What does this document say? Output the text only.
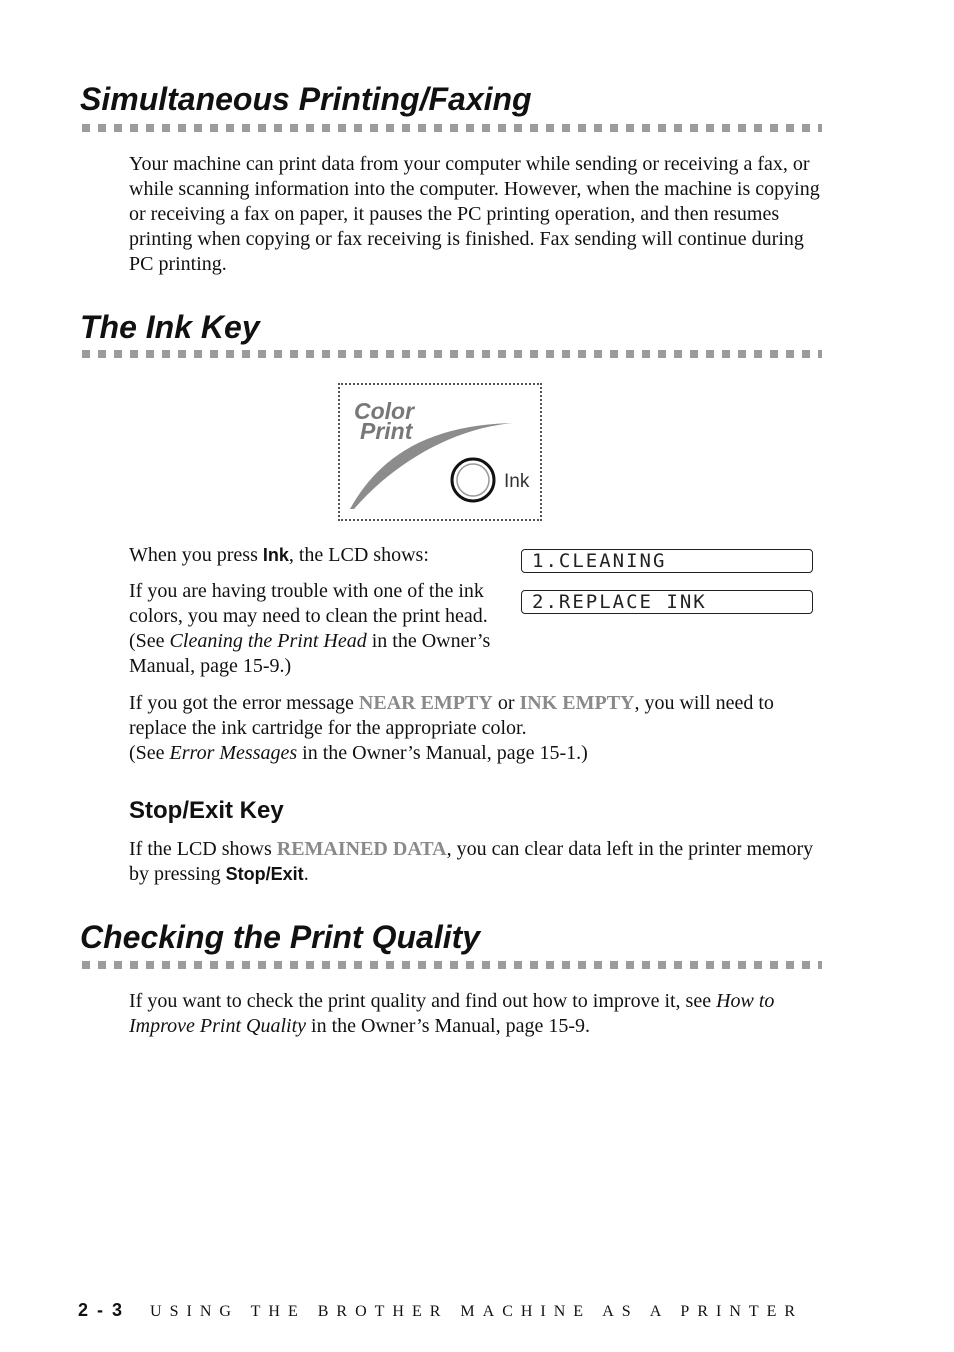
Simultaneous Printing/Faxing

Your machine can print data from your computer while sending or receiving a fax, or while scanning information into the computer. However, when the machine is copying or receiving a fax on paper, it pauses the PC printing operation, and then resumes printing when copying or fax receiving is finished. Fax sending will continue during PC printing.

The Ink Key
Color
Print
Ink

When you press Ink, the LCD shows:	1.CLEANING
2.REPLACE INK

If you are having trouble with one of the ink colors, you may need to clean the print head. (See Cleaning the Print Head in the Owner’s Manual, page 15-9.)

If you got the error message NEAR EMPTY or INK EMPTY, you will need to replace the ink cartridge for the appropriate color.
(See Error Messages in the Owner’s Manual, page 15-1.)

Stop/Exit Key

If the LCD shows REMAINED DATA, you can clear data left in the printer memory by pressing Stop/Exit.

Checking the Print Quality

If you want to check the print quality and find out how to improve it, see How to Improve Print Quality in the Owner’s Manual, page 15-9.

2 - 3 USING THE BROTHER MACHINE AS A PRINTER
